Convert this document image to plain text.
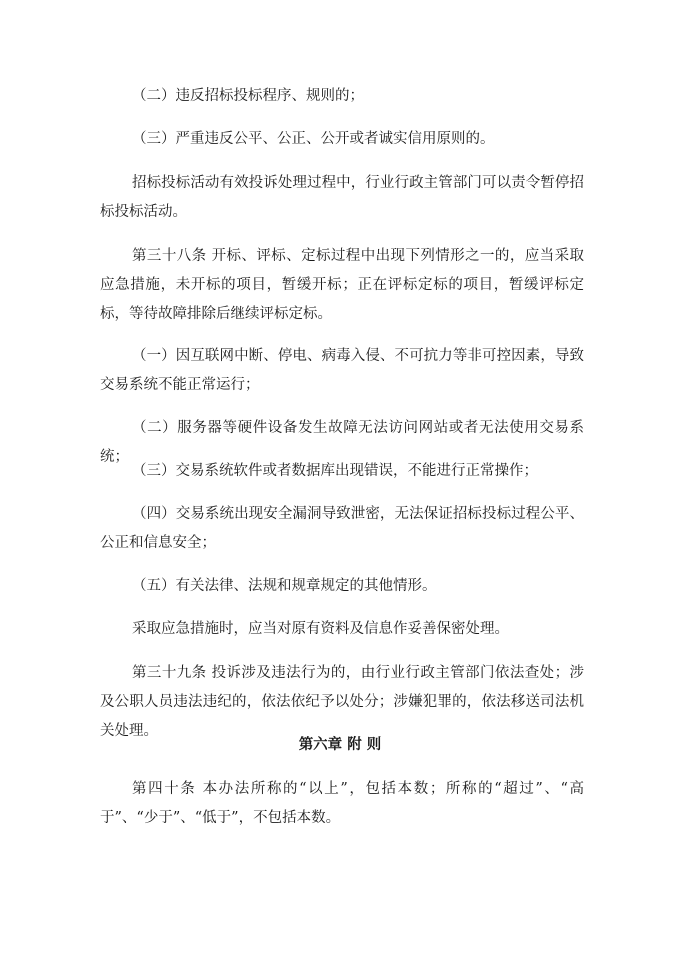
（二）违反招标投标程序、规则的；

（三）严重违反公平、公正、公开或者诚实信用原则的。

招标投标活动有效投诉处理过程中，行业行政主管部门可以责令暂停招标投标活动。

第三十八条 开标、评标、定标过程中出现下列情形之一的，应当采取应急措施，未开标的项目，暂缓开标；正在评标定标的项目，暂缓评标定标，等待故障排除后继续评标定标。

（一）因互联网中断、停电、病毒入侵、不可抗力等非可控因素，导致交易系统不能正常运行；

（二）服务器等硬件设备发生故障无法访问网站或者无法使用交易系统；

（三）交易系统软件或者数据库出现错误，不能进行正常操作；

（四）交易系统出现安全漏洞导致泄密，无法保证招标投标过程公平、公正和信息安全；

（五）有关法律、法规和规章规定的其他情形。

采取应急措施时，应当对原有资料及信息作妥善保密处理。

第三十九条 投诉涉及违法行为的，由行业行政主管部门依法查处；涉及公职人员违法违纪的，依法依纪予以处分；涉嫌犯罪的，依法移送司法机关处理。

第六章 附 则

第四十条 本办法所称的“以上”，包括本数；所称的“超过”、“高于”、“少于”、“低于”，不包括本数。
